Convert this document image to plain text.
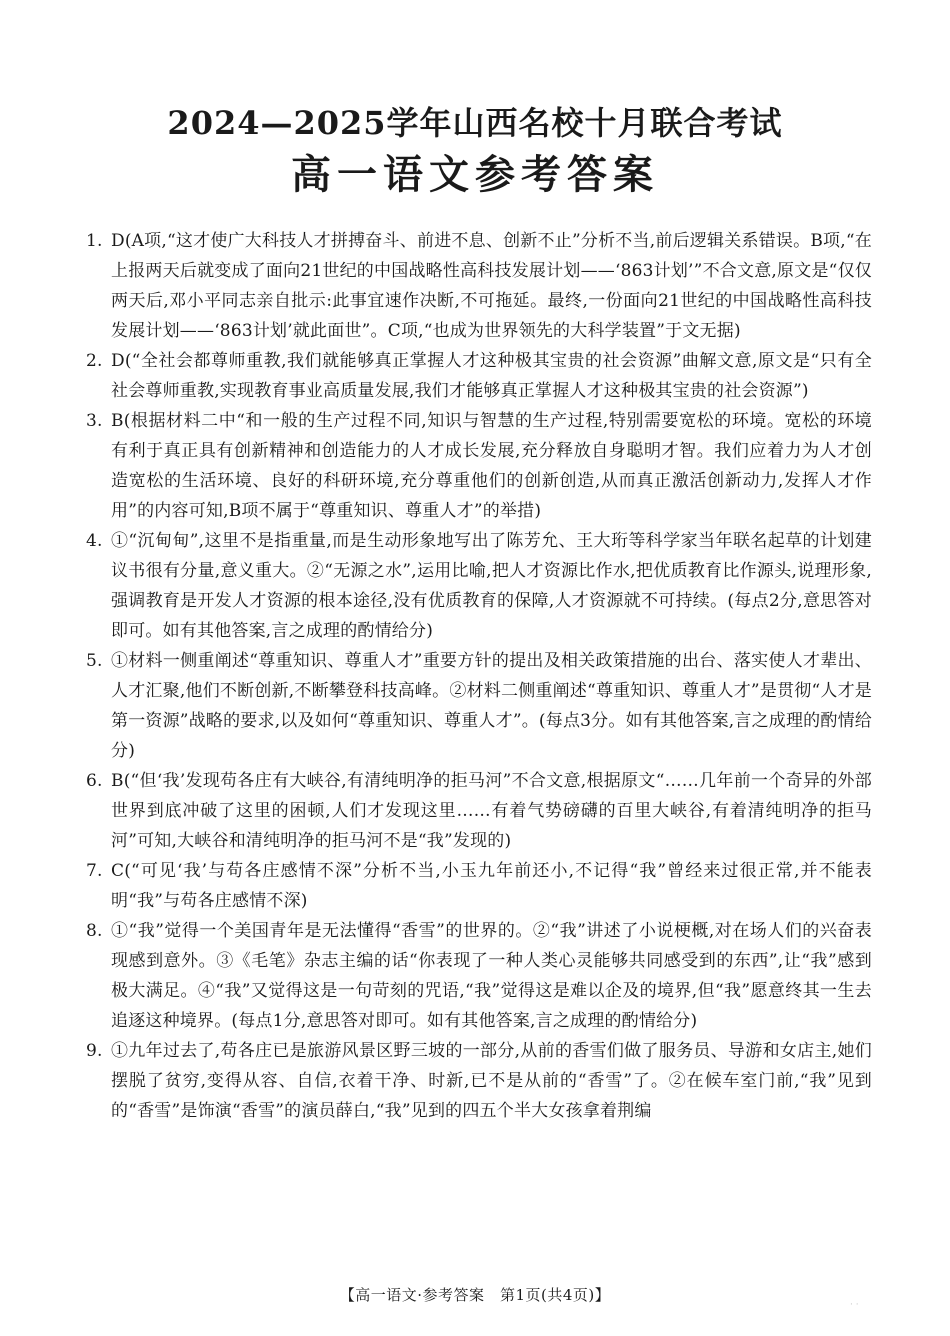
2024—2025学年山西名校十月联合考试
高一语文参考答案
1. D(A项,“这才使广大科技人才拼搏奋斗、前进不息、创新不止”分析不当,前后逻辑关系错误。B项,“在上报两天后就变成了面向21世纪的中国战略性高科技发展计划——‘863计划’”不合文意,原文是“仅仅两天后,邓小平同志亲自批示:此事宜速作决断,不可拖延。最终,一份面向21世纪的中国战略性高科技发展计划——‘863计划’就此面世”。C项,“也成为世界领先的大科学装置”于文无据)
2. D(“全社会都尊师重教,我们就能够真正掌握人才这种极其宝贵的社会资源”曲解文意,原文是“只有全社会尊师重教,实现教育事业高质量发展,我们才能够真正掌握人才这种极其宝贵的社会资源”)
3. B(根据材料二中“和一般的生产过程不同,知识与智慧的生产过程,特别需要宽松的环境。宽松的环境有利于真正具有创新精神和创造能力的人才成长发展,充分释放自身聪明才智。我们应着力为人才创造宽松的生活环境、良好的科研环境,充分尊重他们的创新创造,从而真正激活创新动力,发挥人才作用”的内容可知,B项不属于“尊重知识、尊重人才”的举措)
4. ①“沉甸甸”,这里不是指重量,而是生动形象地写出了陈芳允、王大珩等科学家当年联名起草的计划建议书很有分量,意义重大。②“无源之水”,运用比喻,把人才资源比作水,把优质教育比作源头,说理形象,强调教育是开发人才资源的根本途径,没有优质教育的保障,人才资源就不可持续。(每点2分,意思答对即可。如有其他答案,言之成理的酌情给分)
5. ①材料一侧重阐述“尊重知识、尊重人才”重要方针的提出及相关政策措施的出台、落实使人才辈出、人才汇聚,他们不断创新,不断攀登科技高峰。②材料二侧重阐述“尊重知识、尊重人才”是贯彻“人才是第一资源”战略的要求,以及如何“尊重知识、尊重人才”。(每点3分。如有其他答案,言之成理的酌情给分)
6. B(“但‘我’发现苟各庄有大峡谷,有清纯明净的拒马河”不合文意,根据原文“……几年前一个奇异的外部世界到底冲破了这里的困顿,人们才发现这里……有着气势磅礴的百里大峡谷,有着清纯明净的拒马河”可知,大峡谷和清纯明净的拒马河不是“我”发现的)
7. C(“可见‘我’与苟各庄感情不深”分析不当,小玉九年前还小,不记得“我”曾经来过很正常,并不能表明“我”与苟各庄感情不深)
8. ①“我”觉得一个美国青年是无法懂得“香雪”的世界的。②“我”讲述了小说梗概,对在场人们的兴奋表现感到意外。③《毛笔》杂志主编的话“你表现了一种人类心灵能够共同感受到的东西”,让“我”感到极大满足。④“我”又觉得这是一句苛刻的咒语,“我”觉得这是难以企及的境界,但“我”愿意终其一生去追逐这种境界。(每点1分,意思答对即可。如有其他答案,言之成理的酌情给分)
9. ①九年过去了,苟各庄已是旅游风景区野三坡的一部分,从前的香雪们做了服务员、导游和女店主,她们摆脱了贫穷,变得从容、自信,衣着干净、时新,已不是从前的“香雪”了。②在候车室门前,“我”见到的“香雪”是饰演“香雪”的演员薛白,“我”见到的四五个半大女孩拿着荆编
【高一语文·参考答案　第1页(共4页)】
· ·
